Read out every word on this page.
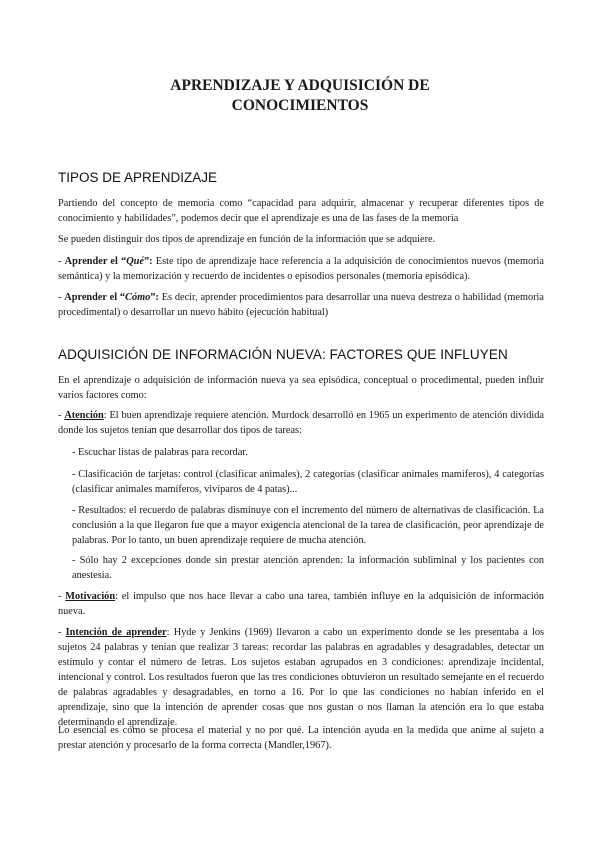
APRENDIZAJE Y ADQUISICIÓN DE
CONOCIMIENTOS
TIPOS DE APRENDIZAJE

Partiendo del concepto de memoria como “capacidad para adquirir, almacenar y recuperar diferentes tipos de conocimiento y habilidades”, podemos decir que el aprendizaje es una de las fases de la memoria

Se pueden distinguir dos tipos de aprendizaje en función de la información que se adquiere.

- Aprender el “Qué”: Este tipo de aprendizaje hace referencia a la adquisición de conocimientos nuevos (memoria semántica) y la memorización y recuerdo de incidentes o episodios personales (memoria episódica).

- Aprender el “Cómo”: Es decir, aprender procedimientos para desarrollar una nueva destreza o habilidad (memoria procedimental) o desarrollar un nuevo hábito (ejecución habitual)

ADQUISICIÓN DE INFORMACIÓN NUEVA: FACTORES QUE INFLUYEN

En el aprendizaje o adquisición de información nueva ya sea episódica, conceptual o procedimental, pueden influir varios factores como:

- Atención: El buen aprendizaje requiere atención. Murdock desarrolló en 1965 un experimento de atención dividida donde los sujetos tenían que desarrollar dos tipos de tareas:

- Escuchar listas de palabras para recordar.

- Clasificación de tarjetas: control (clasificar animales), 2 categorías (clasificar animales mamíferos), 4 categorías (clasificar animales mamíferos, vivíparos de 4 patas)...

- Resultados: el recuerdo de palabras disminuye con el incremento del número de alternativas de clasificación. La conclusión a la que llegaron fue que a mayor exigencia atencional de la tarea de clasificación, peor aprendizaje de palabras. Por lo tanto, un buen aprendizaje requiere de mucha atención.

- Sólo hay 2 excepciones donde sin prestar atención aprenden: la información subliminal y los pacientes con anestesia.

- Motivación: el impulso que nos hace llevar a cabo una tarea, también influye en la adquisición de información nueva.

- Intención de aprender: Hyde y Jenkins (1969) llevaron a cabo un experimento donde se les presentaba a los sujetos 24 palabras y tenían que realizar 3 tareas: recordar las palabras en agradables y desagradables, detectar un estímulo y contar el número de letras. Los sujetos estaban agrupados en 3 condiciones: aprendizaje incidental, intencional y control. Los resultados fueron que las tres condiciones obtuvieron un resultado semejante en el recuerdo de palabras agradables y desagradables, en torno a 16. Por lo que las condiciones no habían inferido en el aprendizaje, sino que la intención de aprender cosas que nos gustan o nos llaman la atención era lo que estaba determinando el aprendizaje.

Lo esencial es cómo se procesa el material y no por qué. La intención ayuda en la medida que anime al sujeto a prestar atención y procesarlo de la forma correcta (Mandler,1967).
